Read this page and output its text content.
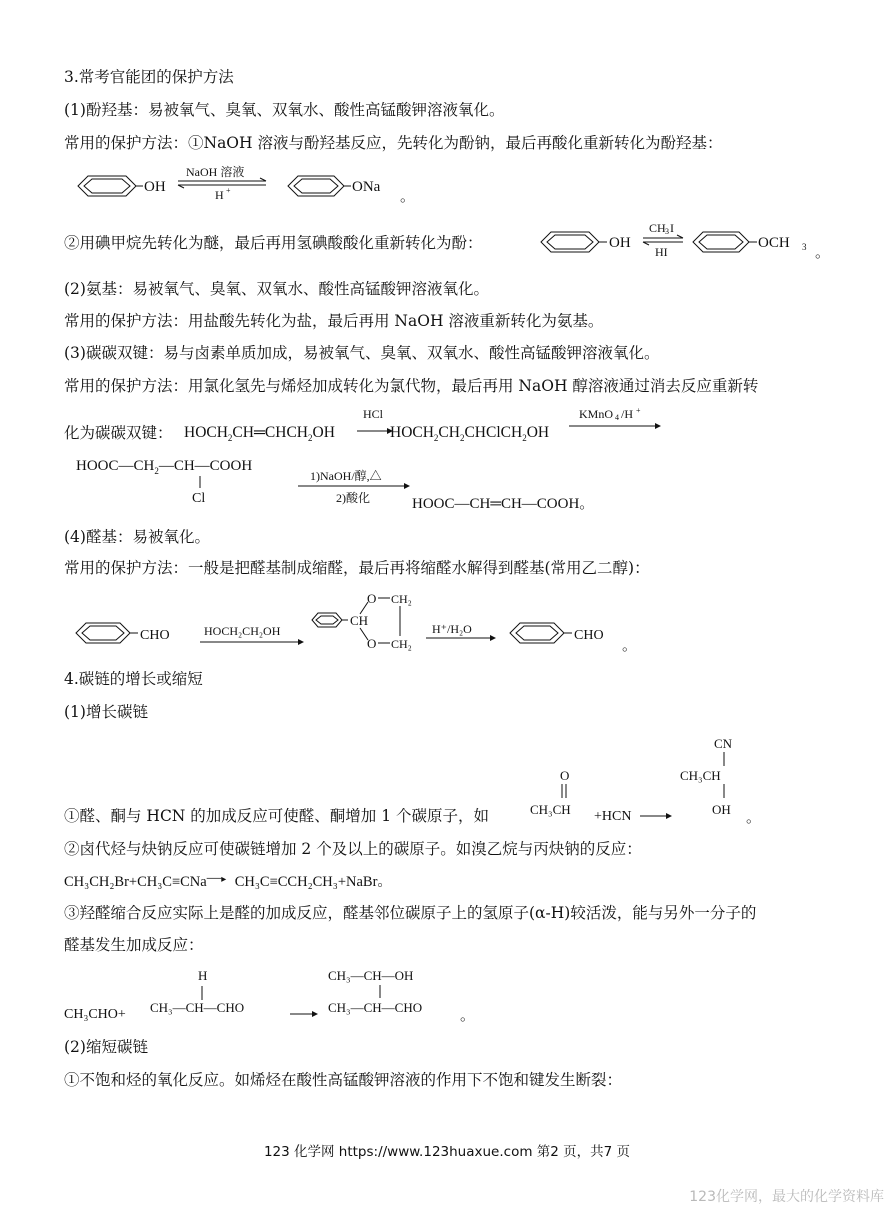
3.常考官能团的保护方法
(1)酚羟基：易被氧气、臭氧、双氧水、酸性高锰酸钾溶液氧化。
常用的保护方法：①NaOH 溶液与酚羟基反应，先转化为酚钠，最后再酸化重新转化为酚羟基：
OH
NaOH 溶液
H +	ONa
。
②用碘甲烷先转化为醚，最后再用氢碘酸酸化重新转化为酚：	OH
CH 3 I
HI
OCH 3 。
(2)氨基：易被氧气、臭氧、双氧水、酸性高锰酸钾溶液氧化。
常用的保护方法：用盐酸先转化为盐，最后再用 NaOH 溶液重新转化为氨基。
(3)碳碳双键：易与卤素单质加成，易被氧气、臭氧、双氧水、酸性高锰酸钾溶液氧化。
常用的保护方法：用氯化氢先与烯烃加成转化为氯代物，最后再用 NaOH 醇溶液通过消去反应重新转
化为碳碳双键： $HOCH_2CH═CHCH_2OH$
HCl	KMnO 4 /H +
$HOCH_2CH_2CHClCH_2OH$
$HOOC—CH_2—CH—COOH$
Cl
1)NaOH/醇,△
2)酸化	HOOC—CH═CH—COOH。
(4)醛基：易被氧化。
常用的保护方法：一般是把醛基制成缩醛，最后再将缩醛水解得到醛基(常用乙二醇)：
CHO	HOCH₂CH₂OH
CH
O
O
CH₂
CH₂
H⁺/H₂O	CHO
。
4.碳链的增长或缩短
(1)增长碳链
①醛、酮与 HCN 的加成反应可使醛、酮增加 1 个碳原子，如
O
CH₃CH +HCN
CN
CH₃CH
OH
。
②卤代烃与炔钠反应可使碳链增加 2 个及以上的碳原子。如溴乙烷与丙炔钠的反应：
CH₃CH₂Br+CH₃C≡CNa—▸ CH₃C≡CCH₂CH₃+NaBr。
③羟醛缩合反应实际上是醛的加成反应，醛基邻位碳原子上的氢原子(α-H)较活泼，能与另外一分子的
醛基发生加成反应：
CH₃CHO+
H
CH₃—CH—CHO
CH₃—CH—OH
CH₃—CH—CHO
。
(2)缩短碳链
①不饱和烃的氧化反应。如烯烃在酸性高锰酸钾溶液的作用下不饱和键发生断裂：
123 化学网 https://www.123huaxue.com 第2 页，共7 页
123化学网，最大的化学资料库
